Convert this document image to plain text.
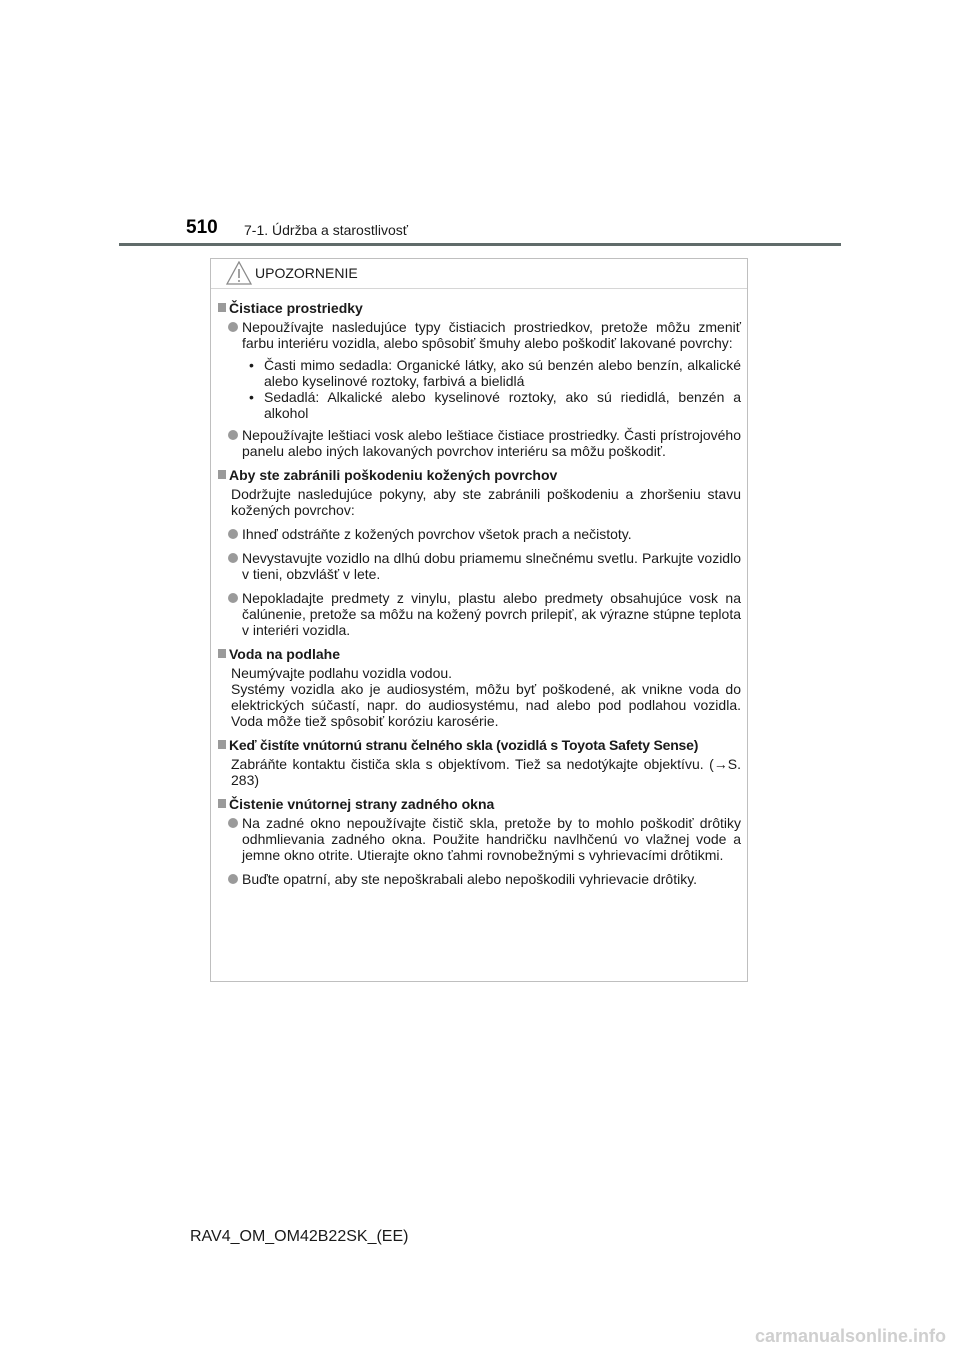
510 7-1. Údržba a starostlivosť
UPOZORNENIE
Čistiace prostriedky
Nepoužívajte nasledujúce typy čistiacich prostriedkov, pretože môžu zmeniť farbu interiéru vozidla, alebo spôsobiť šmuhy alebo poškodiť lakované povrchy:
• Časti mimo sedadla: Organické látky, ako sú benzén alebo benzín, alkalické alebo kyselinové roztoky, farbivá a bielidlá
• Sedadlá: Alkalické alebo kyselinové roztoky, ako sú riedidlá, benzén a alkohol
Nepoužívajte leštiaci vosk alebo leštiace čistiace prostriedky. Časti prístrojového panelu alebo iných lakovaných povrchov interiéru sa môžu poškodiť.
Aby ste zabránili poškodeniu kožených povrchov
Dodržujte nasledujúce pokyny, aby ste zabránili poškodeniu a zhoršeniu stavu kožených povrchov:
Ihneď odstráňte z kožených povrchov všetok prach a nečistoty.
Nevystavujte vozidlo na dlhú dobu priamemu slnečnému svetlu. Parkujte vozidlo v tieni, obzvlášť v lete.
Nepokladajte predmety z vinylu, plastu alebo predmety obsahujúce vosk na čalúnenie, pretože sa môžu na kožený povrch prilepiť, ak výrazne stúpne teplota v interiéri vozidla.
Voda na podlahe
Neumývajte podlahu vozidla vodou.
Systémy vozidla ako je audiosystém, môžu byť poškodené, ak vnikne voda do elektrických súčastí, napr. do audiosystému, nad alebo pod podlahou vozidla. Voda môže tiež spôsobiť koróziu karosérie.
Keď čistíte vnútornú stranu čelného skla (vozidlá s Toyota Safety Sense)
Zabráňte kontaktu čističa skla s objektívom. Tiež sa nedotýkajte objektívu. (→S. 283)
Čistenie vnútornej strany zadného okna
Na zadné okno nepoužívajte čistič skla, pretože by to mohlo poškodiť drôtiky odhmlievania zadného okna. Použite handričku navlhčenú vo vlažnej vode a jemne okno otrite. Utierajte okno ťahmi rovnobežnými s vyhrievacími drôtikmi.
Buďte opatrní, aby ste nepoškrabali alebo nepoškodili vyhrievacie drôtiky.
RAV4_OM_OM42B22SK_(EE)
carmanualsonline.info
